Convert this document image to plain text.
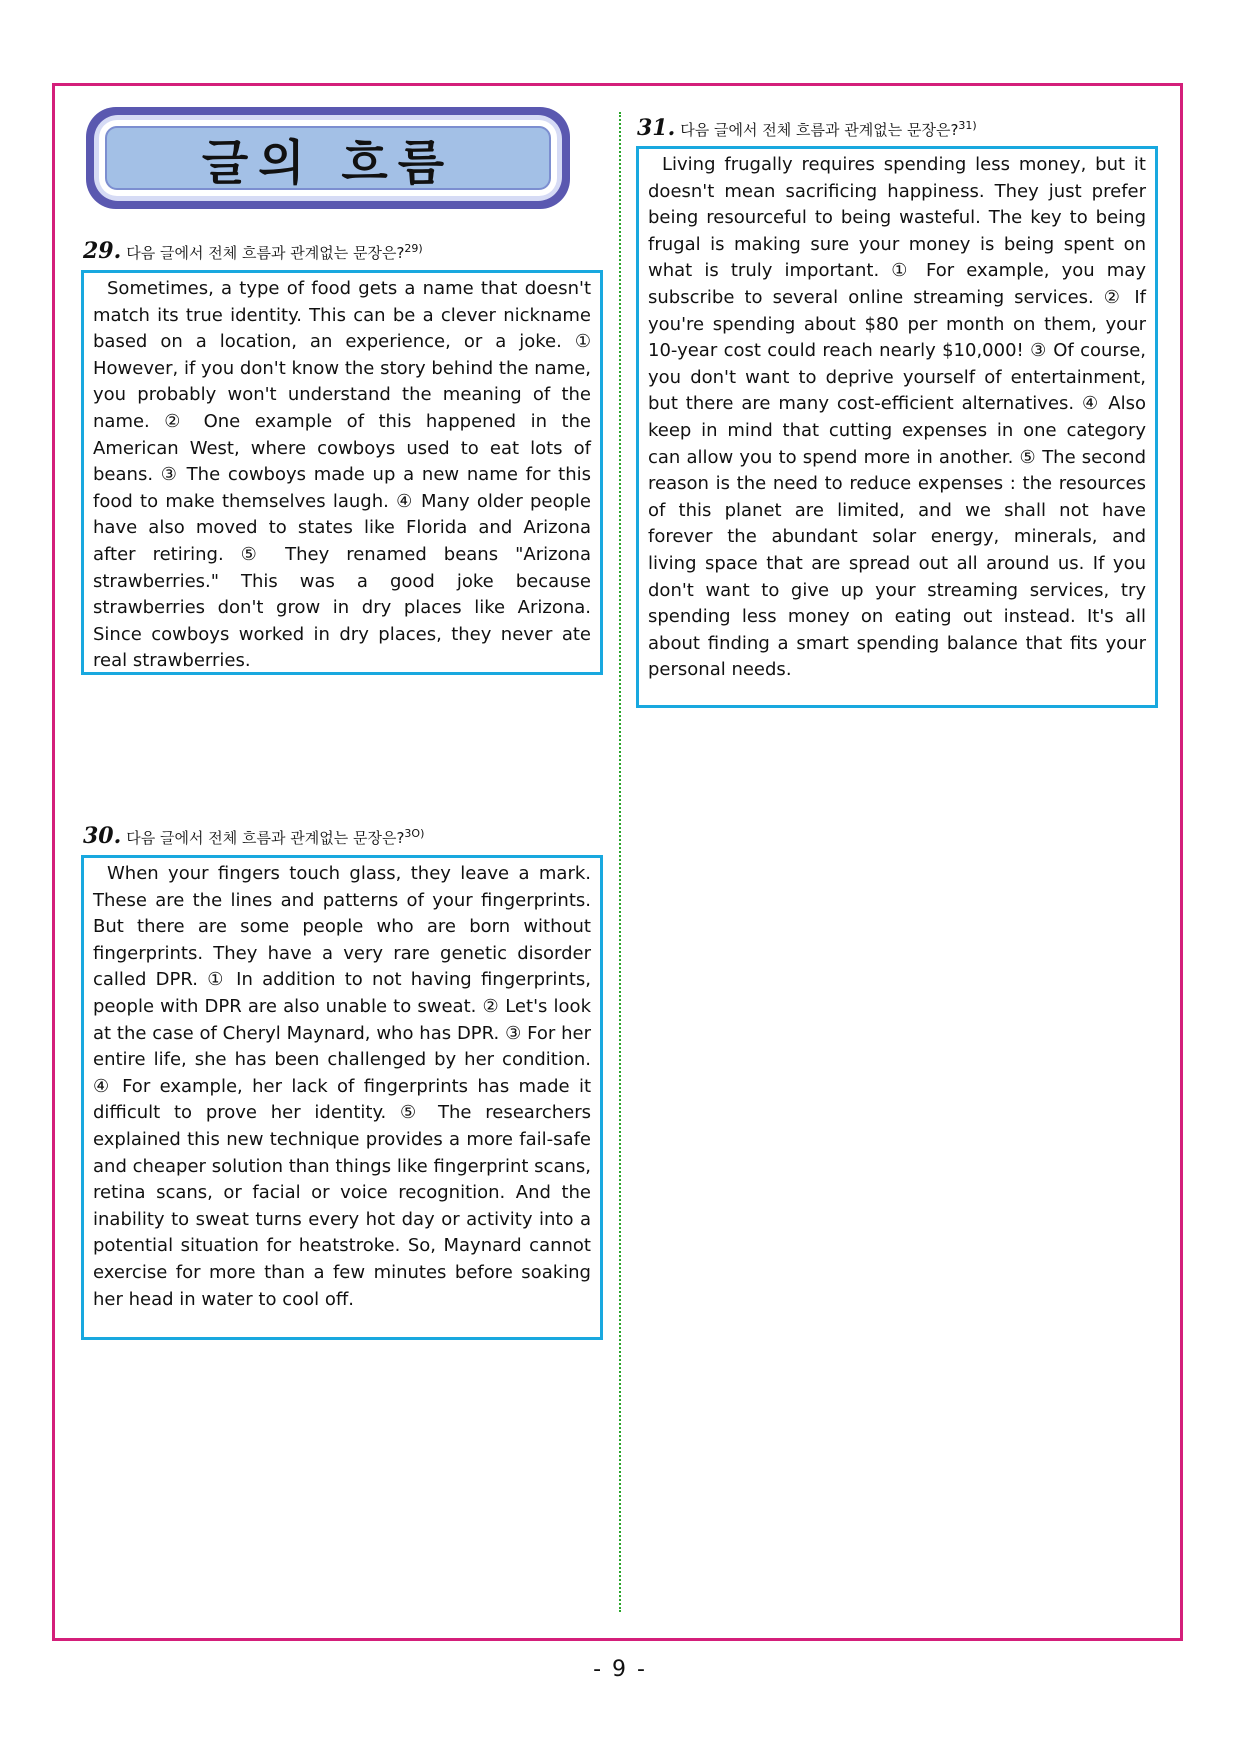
글의 흐름
29. 다음 글에서 전체 흐름과 관계없는 문장은?$^{29)}$
Sometimes, a type of food gets a name that doesn't match its true identity. This can be a clever nickname based on a location, an experience, or a joke. ① However, if you don't know the story behind the name, you probably won't understand the meaning of the name. ② One example of this happened in the American West, where cowboys used to eat lots of beans. ③ The cowboys made up a new name for this food to make themselves laugh. ④ Many older people have also moved to states like Florida and Arizona after retiring. ⑤ They renamed beans "Arizona strawberries." This was a good joke because strawberries don't grow in dry places like Arizona. Since cowboys worked in dry places, they never ate real strawberries.
30. 다음 글에서 전체 흐름과 관계없는 문장은?$^{3O)}$
When your fingers touch glass, they leave a mark. These are the lines and patterns of your fingerprints. But there are some people who are born without fingerprints. They have a very rare genetic disorder called DPR. ① In addition to not having fingerprints, people with DPR are also unable to sweat. ② Let's look at the case of Cheryl Maynard, who has DPR. ③ For her entire life, she has been challenged by her condition. ④ For example, her lack of fingerprints has made it difficult to prove her identity. ⑤ The researchers explained this new technique provides a more fail-safe and cheaper solution than things like fingerprint scans, retina scans, or facial or voice recognition. And the inability to sweat turns every hot day or activity into a potential situation for heatstroke. So, Maynard cannot exercise for more than a few minutes before soaking her head in water to cool off.
31. 다음 글에서 전체 흐름과 관계없는 문장은?$^{31)}$
Living frugally requires spending less money, but it doesn't mean sacrificing happiness. They just prefer being resourceful to being wasteful. The key to being frugal is making sure your money is being spent on what is truly important. ① For example, you may subscribe to several online streaming services. ② If you're spending about $80 per month on them, your 10-year cost could reach nearly $10,000! ③ Of course, you don't want to deprive yourself of entertainment, but there are many cost-efficient alternatives. ④ Also keep in mind that cutting expenses in one category can allow you to spend more in another. ⑤ The second reason is the need to reduce expenses : the resources of this planet are limited, and we shall not have forever the abundant solar energy, minerals, and living space that are spread out all around us. If you don't want to give up your streaming services, try spending less money on eating out instead. It's all about finding a smart spending balance that fits your personal needs.
- 9 -
